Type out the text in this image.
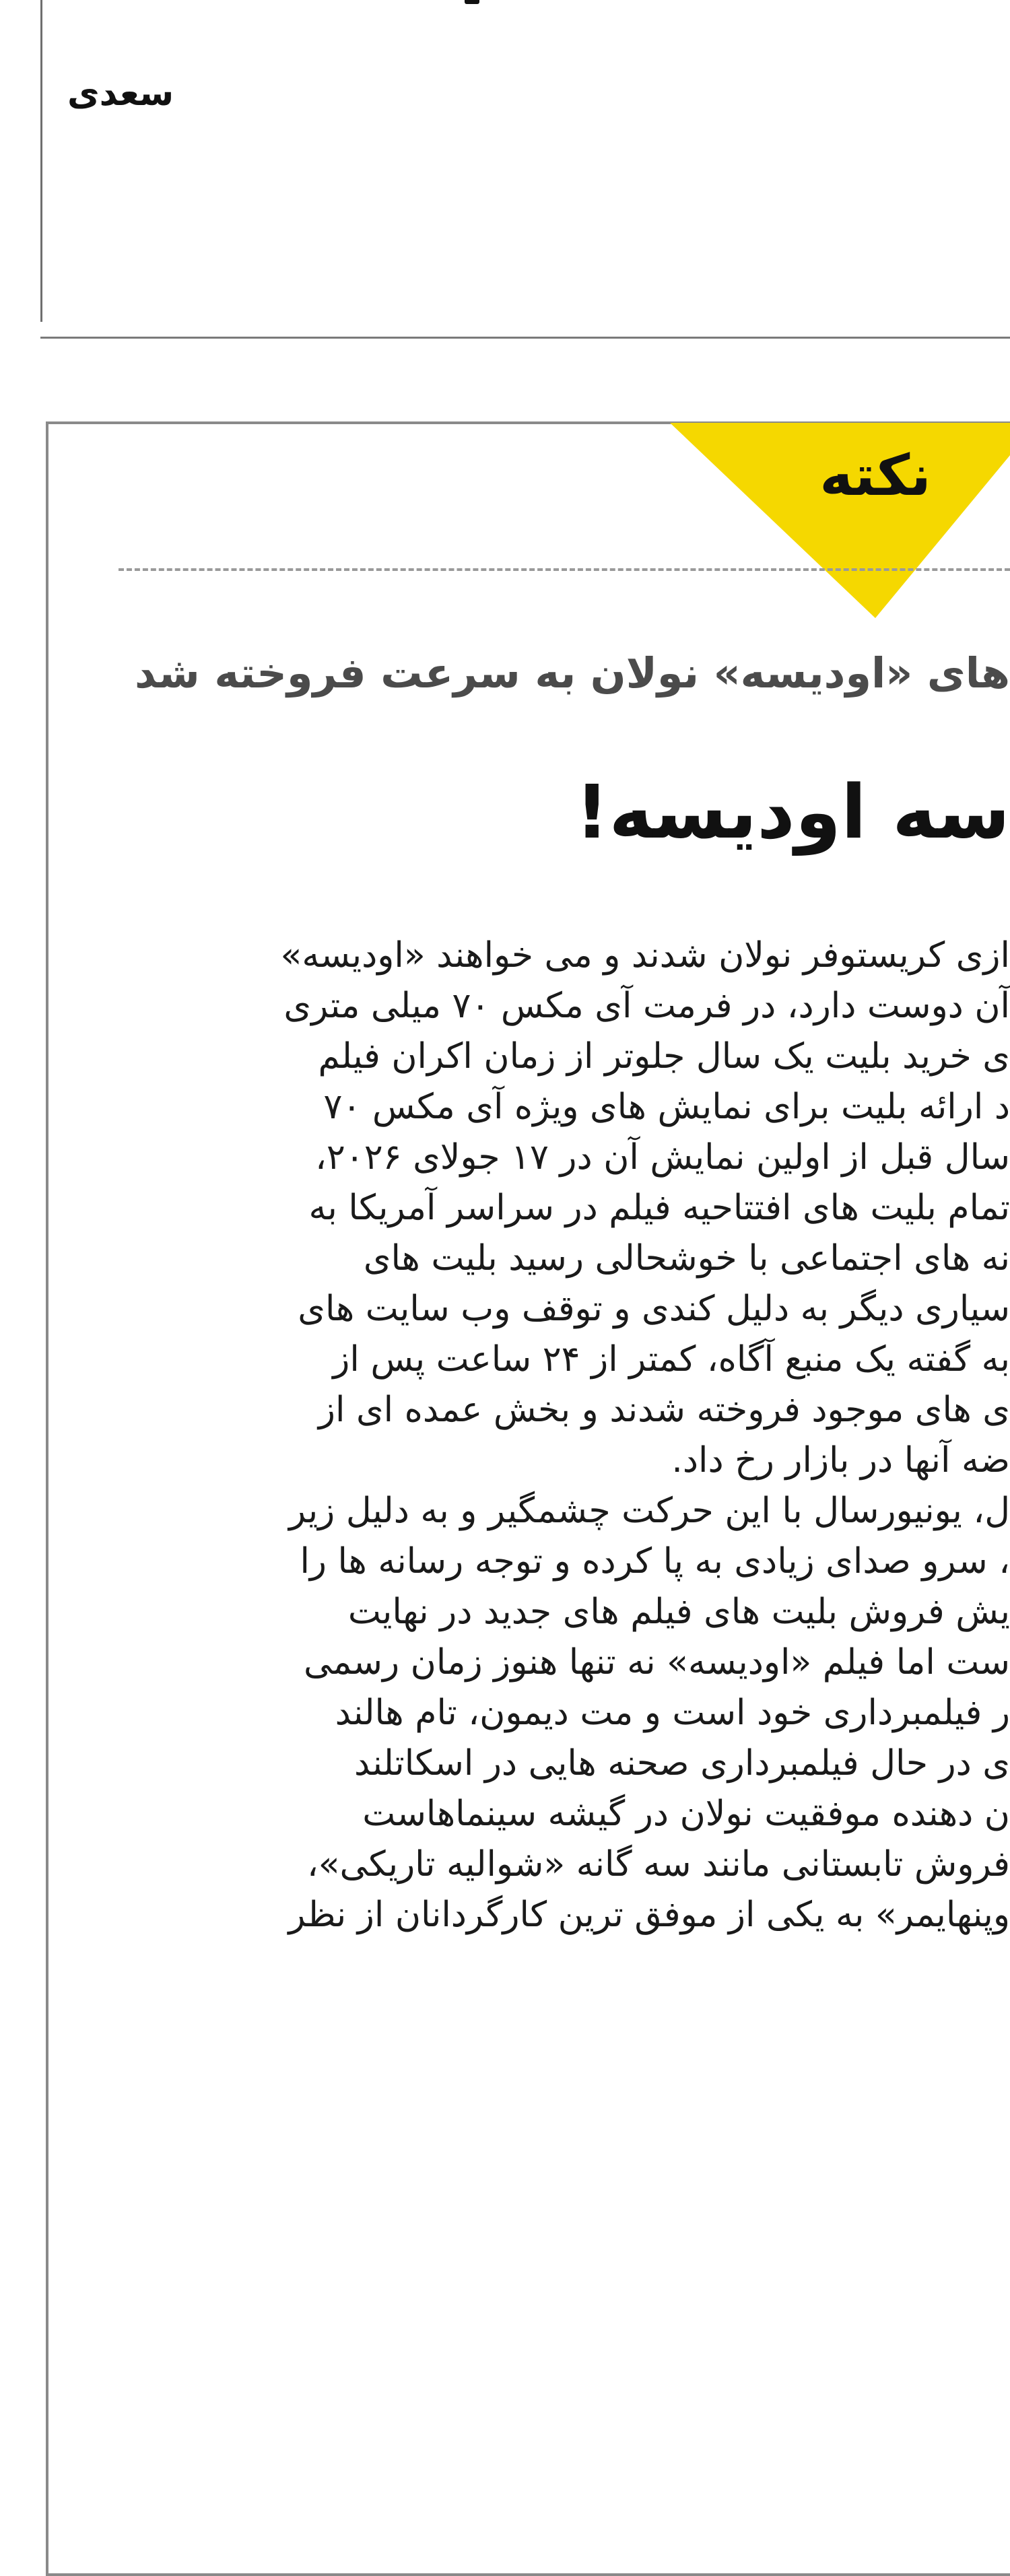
سعدی

نکته

های «اودیسه» نولان به سرعت فروخته شد
سه اودیسه!
ازی کریستوفر نولان شدند و می خواهند «اودیسه»
آن دوست دارد، در فرمت آی مکس ۷۰ میلی متری
ی خرید بلیت یک سال جلوتر از زمان اکران فیلم
د ارائه بلیت برای نمایش های ویژه آی مکس ۷۰
سال قبل از اولین نمایش آن در ۱۷ جولای ۲۰۲۶،
تمام بلیت های افتتاحیه فیلم در سراسر آمریکا به
نه های اجتماعی با خوشحالی رسید بلیت های
سیاری دیگر به دلیل کندی و توقف وب سایت های
به گفته یک منبع آگاه، کمتر از ۲۴ ساعت پس از
ی های موجود فروخته شدند و بخش عمده ای از
ضه آنها در بازار رخ داد.
ل، یونیورسال با این حرکت چشمگیر و به دلیل زیر
، سرو صدای زیادی به پا کرده و توجه رسانه ها را
یش فروش بلیت های فیلم های جدید در نهایت
ست اما فیلم «اودیسه» نه تنها هنوز زمان رسمی
ر فیلمبرداری خود است و مت دیمون، تام هالند
ی در حال فیلمبرداری صحنه هایی در اسکاتلند
ن دهنده موفقیت نولان در گیشه سینماهاست
فروش تابستانی مانند سه گانه «شوالیه تاریکی»،
وپنهایمر» به یکی از موفق ترین کارگردانان از نظر
